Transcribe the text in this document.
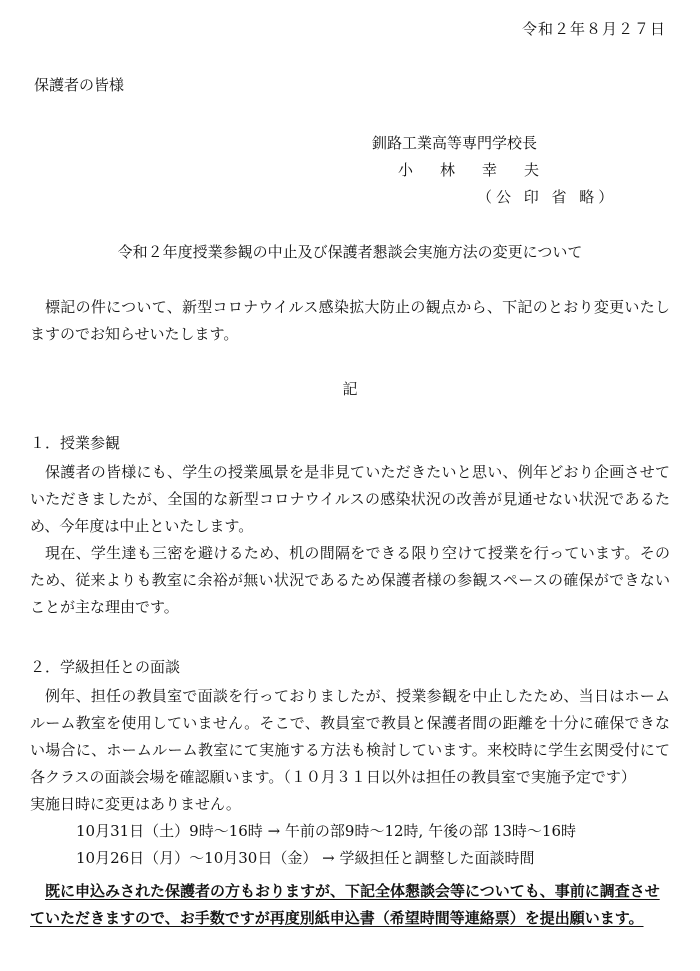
令和２年８月２７日
保護者の皆様
釧路工業高等専門学校長
小 林 幸 夫
（公 印 省 略）
令和２年度授業参観の中止及び保護者懇談会実施方法の変更について
標記の件について、新型コロナウイルス感染拡大防止の観点から、下記のとおり変更いたしますのでお知らせいたします。
記
１．授業参観
保護者の皆様にも、学生の授業風景を是非見ていただきたいと思い、例年どおり企画させていただきましたが、全国的な新型コロナウイルスの感染状況の改善が見通せない状況であるため、今年度は中止といたします。
現在、学生達も三密を避けるため、机の間隔をできる限り空けて授業を行っています。そのため、従来よりも教室に余裕が無い状況であるため保護者様の参観スペースの確保ができないことが主な理由です。
２．学級担任との面談
例年、担任の教員室で面談を行っておりましたが、授業参観を中止したため、当日はホームルーム教室を使用していません。そこで、教員室で教員と保護者間の距離を十分に確保できない場合に、ホームルーム教室にて実施する方法も検討しています。来校時に学生玄関受付にて各クラスの面談会場を確認願います。（１０月３１日以外は担任の教員室で実施予定です）
実施日時に変更はありません。
10月31日（土）9時～16時 → 午前の部9時～12時, 午後の部 13時～16時
10月26日（月）～10月30日（金） → 学級担任と調整した面談時間
既に申込みされた保護者の方もおりますが、下記全体懇談会等についても、事前に調査させていただきますので、お手数ですが再度別紙申込書（希望時間等連絡票）を提出願います。
